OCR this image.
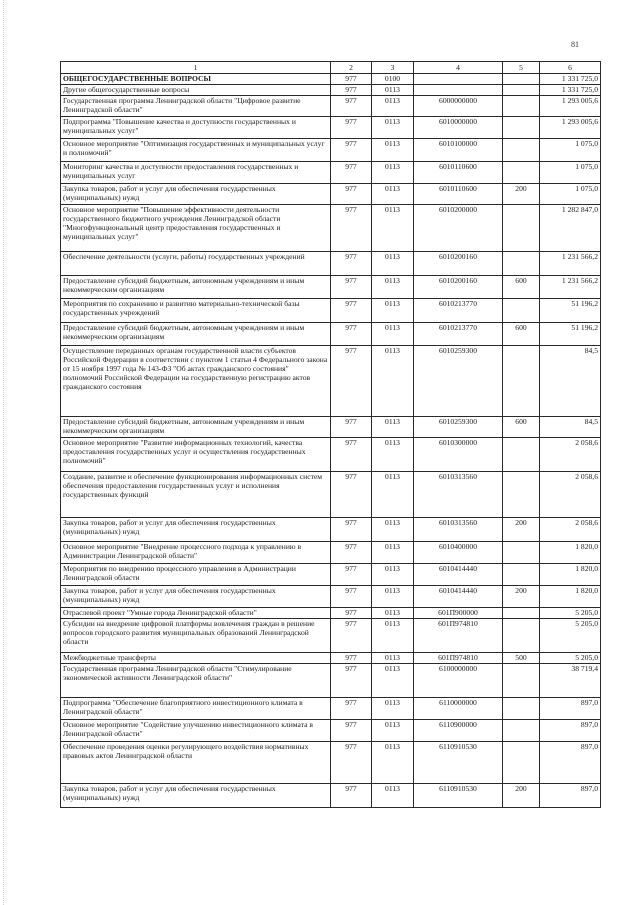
81
1	2	3	4	5	6
ОБЩЕГОСУДАРСТВЕННЫЕ ВОПРОСЫ	977	0100			1 331 725,0
Другие общегосударственные вопросы	977	0113			1 331 725,0
Государственная программа Ленинградской области "Цифровое развитие Ленинградской области"	977	0113	6000000000		1 293 005,6
Подпрограмма "Повышение качества и доступности государственных и муниципальных услуг"	977	0113	6010000000		1 293 005,6
Основное мероприятие "Оптимизация государственных и муниципальных услуг и полномочий"	977	0113	6010100000		1 075,0
Мониторинг качества и доступности предоставления государственных и муниципальных услуг	977	0113	6010110600		1 075,0
Закупка товаров, работ и услуг для обеспечения государственных (муниципальных) нужд	977	0113	6010110600	200	1 075,0
Основное мероприятие "Повышение эффективности деятельности государственного бюджетного учреждения Ленинградской области "Многофункциональный центр предоставления государственных и муниципальных услуг"	977	0113	6010200000		1 282 847,0
Обеспечение деятельности (услуги, работы) государственных учреждений	977	0113	6010200160		1 231 566,2
Предоставление субсидий бюджетным, автономным учреждениям и иным некоммерческим организациям	977	0113	6010200160	600	1 231 566,2
Мероприятия по сохранению и развитию материально-технической базы государственных учреждений	977	0113	6010213770		51 196,2
Предоставление субсидий бюджетным, автономным учреждениям и иным некоммерческим организациям	977	0113	6010213770	600	51 196,2
Осуществление переданных органам государственной власти субъектов Российской Федерации в соответствии с пунктом 1 статьи 4 Федерального закона от 15 ноября 1997 года № 143-ФЗ "Об актах гражданского состояния" полномочий Российской Федерации на государственную регистрацию актов гражданского состояния	977	0113	6010259300		84,5
Предоставление субсидий бюджетным, автономным учреждениям и иным некоммерческим организациям	977	0113	6010259300	600	84,5
Основное мероприятие "Развитие информационных технологий, качества предоставления государственных услуг и осуществления государственных полномочий"	977	0113	6010300000		2 058,6
Создание, развитие и обеспечение функционирования информационных систем обеспечения предоставления государственных услуг и исполнения государственных функций	977	0113	6010313560		2 058,6
Закупка товаров, работ и услуг для обеспечения государственных (муниципальных) нужд	977	0113	6010313560	200	2 058,6
Основное мероприятие "Внедрение процессного подхода к управлению в Администрации Ленинградской области"	977	0113	6010400000		1 820,0
Мероприятия по внедрению процессного управления в Администрации Ленинградской области	977	0113	6010414440		1 820,0
Закупка товаров, работ и услуг для обеспечения государственных (муниципальных) нужд	977	0113	6010414440	200	1 820,0
Отраслевой проект "Умные города Ленинградской области"	977	0113	601П900000		5 205,0
Субсидии на внедрение цифровой платформы вовлечения граждан в решение вопросов городского развития муниципальных образований Ленинградской области	977	0113	601П974810		5 205,0
Межбюджетные трансферты	977	0113	601П974810	500	5 205,0
Государственная программа Ленинградской области "Стимулирование экономической активности Ленинградской области"	977	0113	6100000000		38 719,4
Подпрограмма "Обеспечение благоприятного инвестиционного климата в Ленинградской области"	977	0113	6110000000		897,0
Основное мероприятие "Содействие улучшению инвестиционного климата в Ленинградской области"	977	0113	6110900000		897,0
Обеспечение проведения оценки регулирующего воздействия нормативных правовых актов Ленинградской области	977	0113	6110910530		897,0
Закупка товаров, работ и услуг для обеспечения государственных (муниципальных) нужд	977	0113	6110910530	200	897,0
